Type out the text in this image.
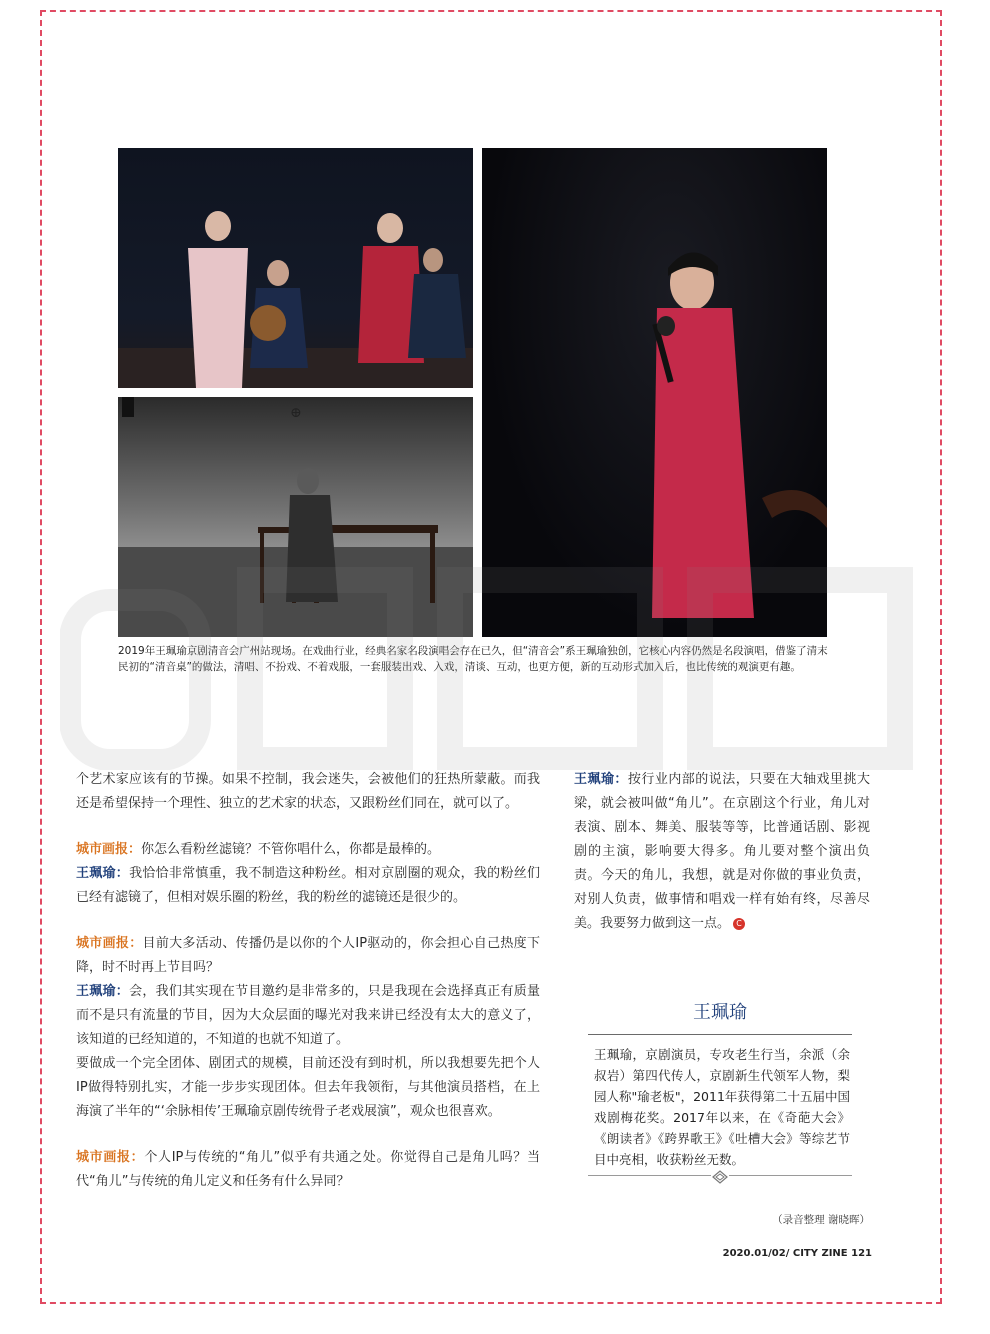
⊕
2019年王珮瑜京剧清音会广州站现场。在戏曲行业，经典名家名段演唱会存在已久，但“清音会”系王珮瑜独创，它核心内容仍然是名段演唱，借鉴了清末民初的“清音桌”的做法，清唱、不扮戏、不着戏服，一套服装出戏、入戏，清谈、互动，也更方便，新的互动形式加入后，也比传统的观演更有趣。

个艺术家应该有的节操。如果不控制，我会迷失，会被他们的狂热所蒙蔽。而我还是希望保持一个理性、独立的艺术家的状态，又跟粉丝们同在，就可以了。

城市画报：你怎么看粉丝滤镜？不管你唱什么，你都是最棒的。

王珮瑜：我恰恰非常慎重，我不制造这种粉丝。相对京剧圈的观众，我的粉丝们已经有滤镜了，但相对娱乐圈的粉丝，我的粉丝的滤镜还是很少的。

城市画报：目前大多活动、传播仍是以你的个人IP驱动的，你会担心自己热度下降，时不时再上节目吗？

王珮瑜：会，我们其实现在节目邀约是非常多的，只是我现在会选择真正有质量而不是只有流量的节目，因为大众层面的曝光对我来讲已经没有太大的意义了，该知道的已经知道的，不知道的也就不知道了。

要做成一个完全团体、剧团式的规模，目前还没有到时机，所以我想要先把个人IP做得特别扎实，才能一步步实现团体。但去年我领衔，与其他演员搭档，在上海演了半年的“‘余脉相传’王珮瑜京剧传统骨子老戏展演”，观众也很喜欢。

城市画报：个人IP与传统的“角儿”似乎有共通之处。你觉得自己是角儿吗？当代“角儿”与传统的角儿定义和任务有什么异同？

王珮瑜：按行业内部的说法，只要在大轴戏里挑大梁，就会被叫做“角儿”。在京剧这个行业，角儿对表演、剧本、舞美、服装等等，比普通话剧、影视剧的主演，影响要大得多。角儿要对整个演出负责。今天的角儿，我想，就是对你做的事业负责，对别人负责，做事情和唱戏一样有始有终，尽善尽美。我要努力做到这一点。 C

王珮瑜
王珮瑜，京剧演员，专攻老生行当，余派（余叔岩）第四代传人，京剧新生代领军人物，梨园人称"瑜老板"，2011年获得第二十五届中国戏剧梅花奖。2017年以来，在《奇葩大会》《朗读者》《跨界歌王》《吐槽大会》等综艺节目中亮相，收获粉丝无数。
（录音整理 谢晓晖）
2020.01/02/ CITY ZINE 121
